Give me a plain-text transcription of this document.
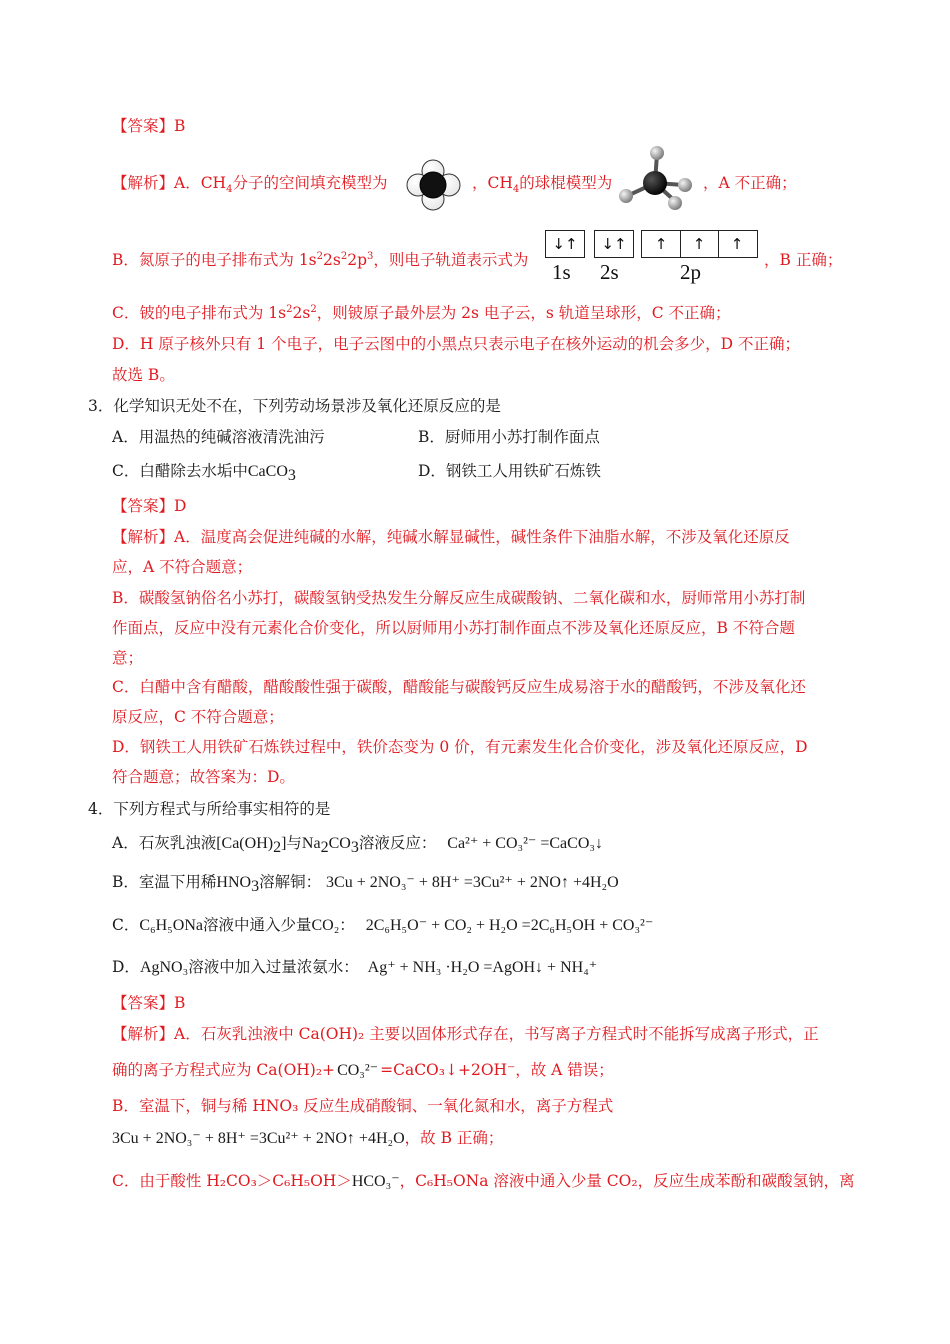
【答案】B
【解析】A．$CH_4$分子的空间填充模型为	，$CH_4$的球棍模型为	，A 不正确；
B．氮原子的电子排布式为 $1s^22s^22p^3$，则电子轨道表示式为
↓↑	↓↑	↑	↑	↑
1s 2s	2p	，B 正确；
C．铍的电子排布式为 $1s^22s^2$，则铍原子最外层为 2s 电子云，s 轨道呈球形，C 不正确；
D．H 原子核外只有 1 个电子，电子云图中的小黑点只表示电子在核外运动的机会多少，D 不正确；
故选 B。
3．化学知识无处不在，下列劳动场景涉及氧化还原反应的是
A．用温热的纯碱溶液清洗油污	B．厨师用小苏打制作面点
C．白醋除去水垢中CaCO$_3$	D．钢铁工人用铁矿石炼铁
【答案】D
【解析】A．温度高会促进纯碱的水解，纯碱水解显碱性，碱性条件下油脂水解，不涉及氧化还原反
应，A 不符合题意；
B．碳酸氢钠俗名小苏打，碳酸氢钠受热发生分解反应生成碳酸钠、二氧化碳和水，厨师常用小苏打制
作面点，反应中没有元素化合价变化，所以厨师用小苏打制作面点不涉及氧化还原反应，B 不符合题
意；
C．白醋中含有醋酸，醋酸酸性强于碳酸，醋酸能与碳酸钙反应生成易溶于水的醋酸钙，不涉及氧化还
原反应，C 不符合题意；
D．钢铁工人用铁矿石炼铁过程中，铁价态变为 0 价，有元素发生化合价变化，涉及氧化还原反应，D
符合题意；故答案为：D。
4．下列方程式与所给事实相符的是
A．石灰乳浊液$[Ca(OH)_2]$与$Na_2CO_3$溶液反应： Ca²⁺ + CO₃²⁻ =CaCO₃↓
B．室温下用稀$HNO_3$溶解铜： 3Cu + 2NO₃⁻ + 8H⁺ =3Cu²⁺ + 2NO↑ +4H₂O
C．C₆H₅ONa溶液中通入少量CO₂： 2C₆H₅O⁻ + CO₂ + H₂O =2C₆H₅OH + CO₃²⁻
D．AgNO₃溶液中加入过量浓氨水： Ag⁺ + NH₃ ·H₂O =AgOH↓ + NH₄⁺
【答案】B
【解析】A．石灰乳浊液中 Ca(OH)₂ 主要以固体形式存在，书写离子方程式时不能拆写成离子形式，正
确的离子方程式应为 Ca(OH)₂+ CO₃²⁻ =CaCO₃↓+2OH⁻，故 A 错误；
B．室温下，铜与稀 HNO₃ 反应生成硝酸铜、一氧化氮和水，离子方程式
3Cu + 2NO₃⁻ + 8H⁺ =3Cu²⁺ + 2NO↑ +4H₂O，故 B 正确；
C．由于酸性 H₂CO₃＞C₆H₅OH＞HCO₃⁻，C₆H₅ONa 溶液中通入少量 CO₂，反应生成苯酚和碳酸氢钠，离
